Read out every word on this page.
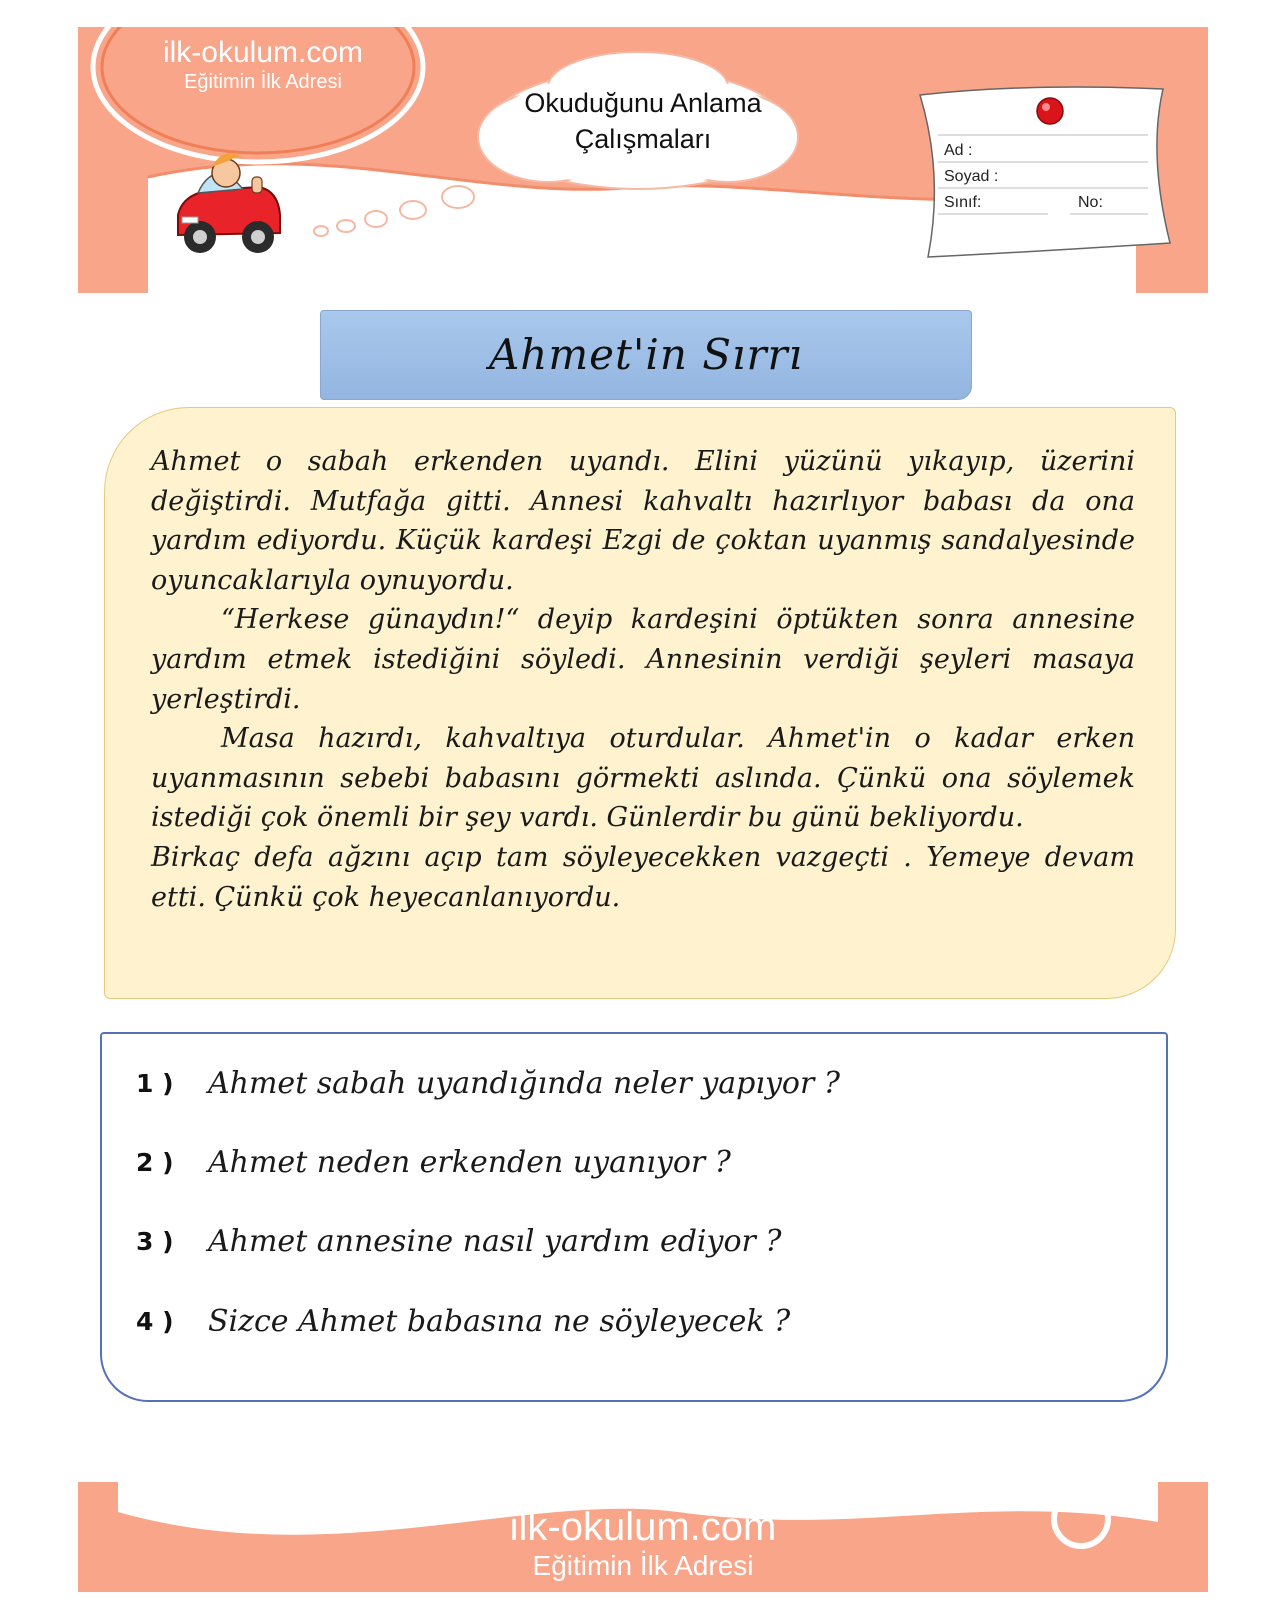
ilk-okulum.com
Eğitimin İlk Adresi
Okuduğunu Anlama
Çalışmaları	Ad :
Soyad :
Sınıf:	No:
Ahmet'in Sırrı

Ahmet o sabah erkenden uyandı. Elini yüzünü yıkayıp, üzerini değiştirdi. Mutfağa gitti. Annesi kahvaltı hazırlıyor babası da ona yardım ediyordu. Küçük kardeşi Ezgi de çoktan uyanmış sandalyesinde oyuncaklarıyla oynuyordu.

“Herkese günaydın!“ deyip kardeşini öptükten sonra annesine yardım etmek istediğini söyledi. Annesinin verdiği şeyleri masaya yerleştirdi.

Masa hazırdı, kahvaltıya oturdular. Ahmet'in o kadar erken uyanmasının sebebi babasını görmekti aslında. Çünkü ona söylemek istediği çok önemli bir şey vardı. Günlerdir bu günü bekliyordu.

Birkaç defa ağzını açıp tam söyleyecekken vazgeçti . Yemeye devam etti. Çünkü çok heyecanlanıyordu.

1 )	Ahmet sabah uyandığında neler yapıyor ?
2 )	Ahmet neden erkenden uyanıyor ?
3 )	Ahmet annesine nasıl yardım ediyor ?
4 )	Sizce Ahmet babasına ne söyleyecek ?
ilk-okulum.com
Eğitimin İlk Adresi
